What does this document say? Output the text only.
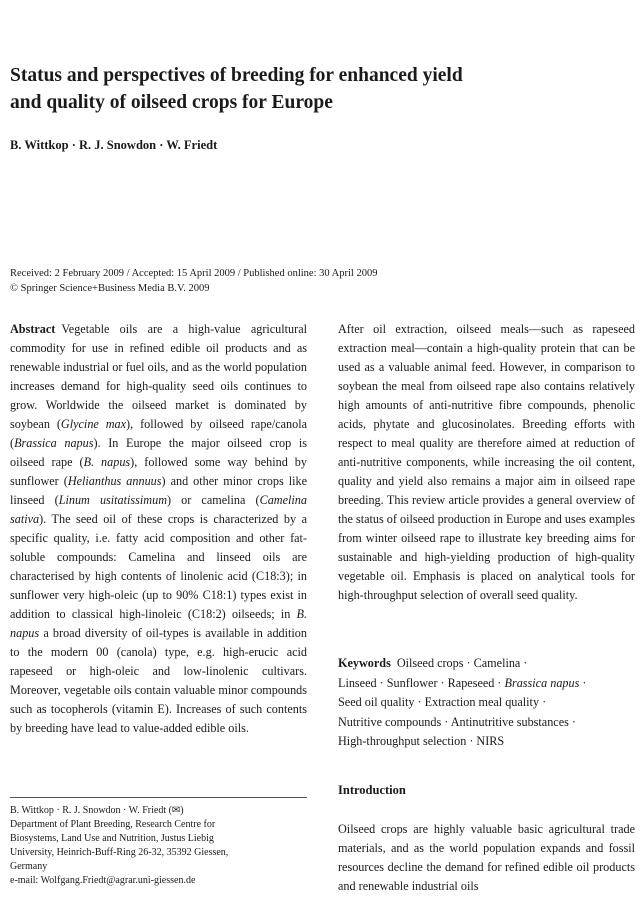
Status and perspectives of breeding for enhanced yield
and quality of oilseed crops for Europe
B. Wittkop · R. J. Snowdon · W. Friedt
Received: 2 February 2009 / Accepted: 15 April 2009 / Published online: 30 April 2009
© Springer Science+Business Media B.V. 2009
Abstract Vegetable oils are a high-value agricultural commodity for use in refined edible oil products and as renewable industrial or fuel oils, and as the world population increases demand for high-quality seed oils continues to grow. Worldwide the oilseed market is dominated by soybean (Glycine max), followed by oilseed rape/canola (Brassica napus). In Europe the major oilseed crop is oilseed rape (B. napus), followed some way behind by sunflower (Helianthus annuus) and other minor crops like linseed (Linum usitatissimum) or camelina (Camelina sativa). The seed oil of these crops is characterized by a specific quality, i.e. fatty acid composition and other fat-soluble compounds: Camelina and linseed oils are characterised by high contents of linolenic acid (C18:3); in sunflower very high-oleic (up to 90% C18:1) types exist in addition to classical high-linoleic (C18:2) oilseeds; in B. napus a broad diversity of oil-types is available in addition to the modern 00 (canola) type, e.g. high-erucic acid rapeseed or high-oleic and low-linolenic cultivars. Moreover, vegetable oils contain valuable minor compounds such as tocopherols (vitamin E). Increases of such contents by breeding have lead to value-added edible oils.
After oil extraction, oilseed meals—such as rapeseed extraction meal—contain a high-quality protein that can be used as a valuable animal feed. However, in comparison to soybean the meal from oilseed rape also contains relatively high amounts of anti-nutritive fibre compounds, phenolic acids, phytate and glucosinolates. Breeding efforts with respect to meal quality are therefore aimed at reduction of anti-nutritive components, while increasing the oil content, quality and yield also remains a major aim in oilseed rape breeding. This review article provides a general overview of the status of oilseed production in Europe and uses examples from winter oilseed rape to illustrate key breeding aims for sustainable and high-yielding production of high-quality vegetable oil. Emphasis is placed on analytical tools for high-throughput selection of overall seed quality.
Keywords Oilseed crops · Camelina ·
Linseed · Sunflower · Rapeseed · Brassica napus ·
Seed oil quality · Extraction meal quality ·
Nutritive compounds · Antinutritive substances ·
High-throughput selection · NIRS
Introduction
Oilseed crops are highly valuable basic agricultural trade materials, and as the world population expands and fossil resources decline the demand for refined edible oil products and renewable industrial oils
B. Wittkop · R. J. Snowdon · W. Friedt (✉)
Department of Plant Breeding, Research Centre for
Biosystems, Land Use and Nutrition, Justus Liebig
University, Heinrich-Buff-Ring 26-32, 35392 Giessen,
Germany
e-mail: Wolfgang.Friedt@agrar.uni-giessen.de
